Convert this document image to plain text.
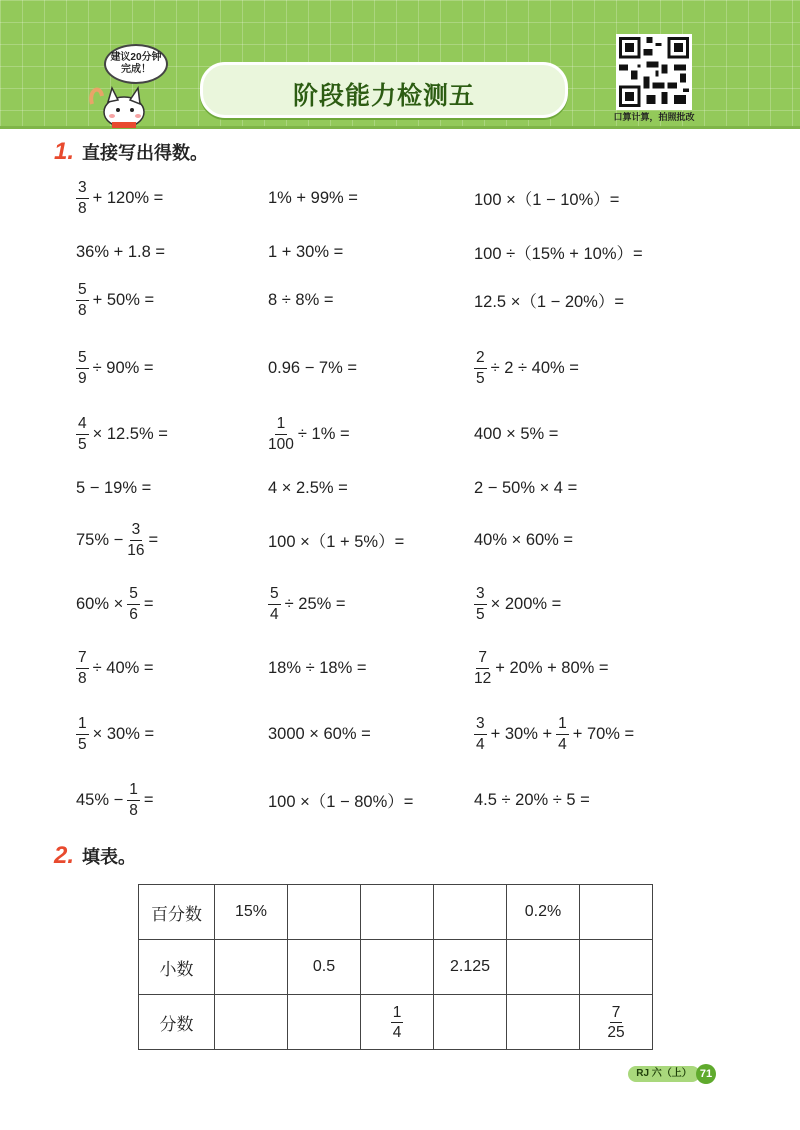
建议20分钟完成！
阶段能力检测五
口算计算，拍照批改
1. 直接写出得数。
$\frac{3}{8} + 120\%$ =	1% + 99% =	100 ×（1 − 10%）=
36% + 1.8 =	1 + 30% =	100 ÷（15% + 10%）=
$\frac{5}{8} + 50\%$ =	8 ÷ 8% =	12.5 ×（1 − 20%）=
$\frac{5}{9} \div 90\%$ =	0.96 − 7% =	$\frac{2}{5} \div 2 \div 40\%$ =
$\frac{4}{5} \times 12.5\%$ =	$\frac{1}{100} \div 1\%$ =	400 × 5% =
5 − 19% =	4 × 2.5% =	2 − 50% × 4 =
$75\% - \frac{3}{16}$ =	100 ×（1 + 5%）=	40% × 60% =
$60\% \times \frac{5}{6}$ =	$\frac{5}{4} \div 25\%$ =	$\frac{3}{5} \times 200\%$ =
$\frac{7}{8} \div 40\%$ =	18% ÷ 18% =	$\frac{7}{12} + 20\% + 80\%$ =
$\frac{1}{5} \times 30\%$ =	3000 × 60% =	$\frac{3}{4} + 30\% + \frac{1}{4} + 70\%$ =
$45\% - \frac{1}{8}$ =	100 ×（1 − 80%）=	4.5 ÷ 20% ÷ 5 =
2. 填表。
百分数	15%				0.2%	
小数		0.5		2.125		
分数			$\frac{1}{4}$			$\frac{7}{25}$
RJ 六（上） 71
